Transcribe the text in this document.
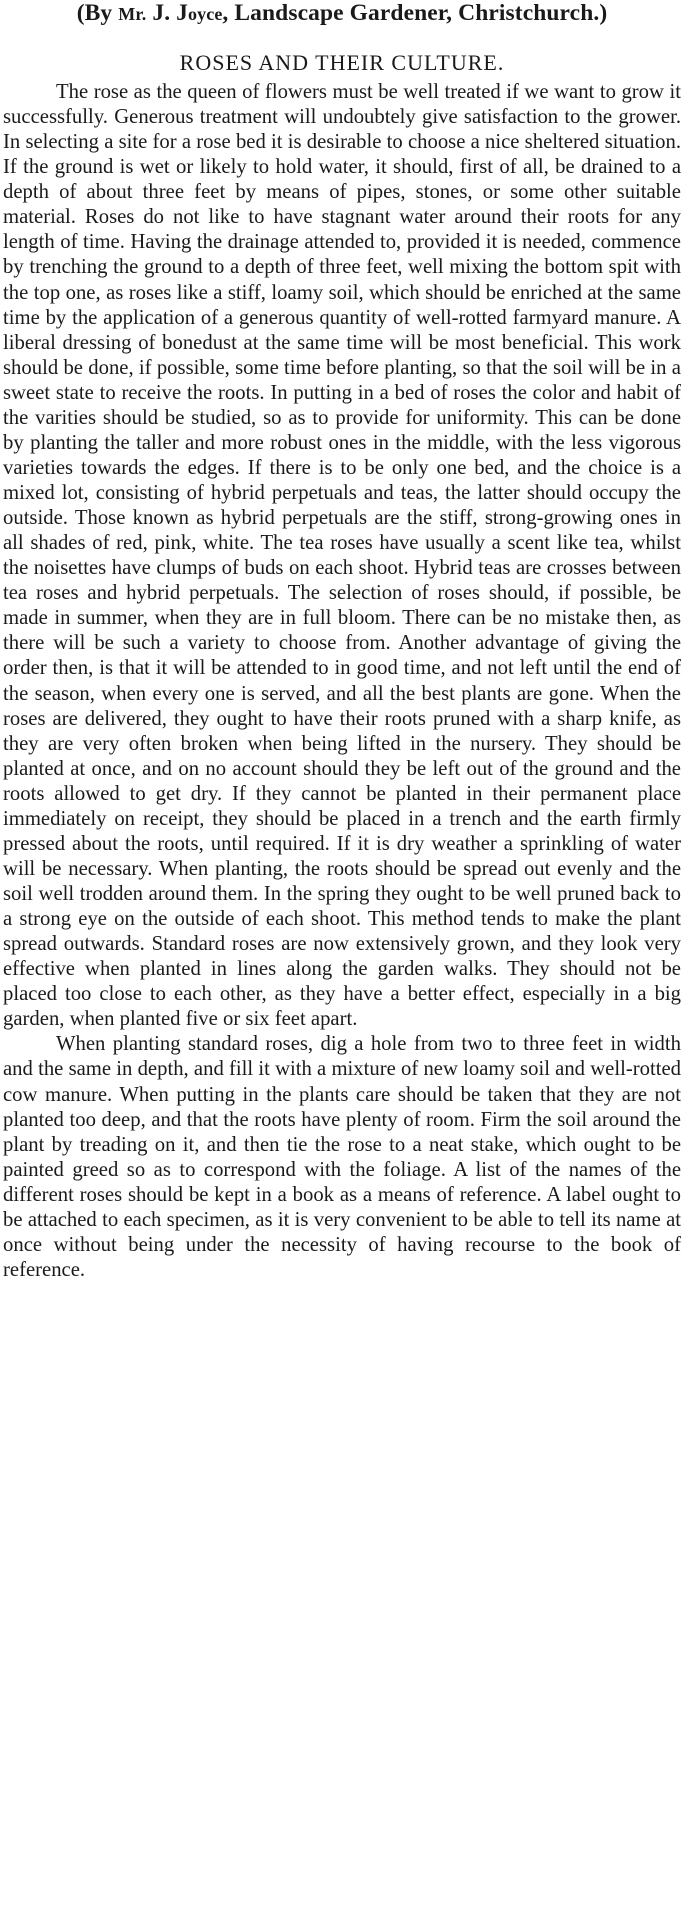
(By Mr. J. Joyce, Landscape Gardener, Christchurch.)

ROSES AND THEIR CULTURE.

The rose as the queen of flowers must be well treated if we want to grow it successfully. Generous treatment will undoubtely give satisfaction to the grower. In selecting a site for a rose bed it is desirable to choose a nice sheltered situation. If the ground is wet or likely to hold water, it should, first of all, be drained to a depth of about three feet by means of pipes, stones, or some other suitable material. Roses do not like to have stagnant water around their roots for any length of time. Having the drainage attended to, provided it is needed, commence by trenching the ground to a depth of three feet, well mixing the bottom spit with the top one, as roses like a stiff, loamy soil, which should be enriched at the same time by the application of a generous quantity of well-rotted farmyard manure. A liberal dressing of bonedust at the same time will be most beneficial. This work should be done, if possible, some time before planting, so that the soil will be in a sweet state to receive the roots. In putting in a bed of roses the color and habit of the varities should be studied, so as to provide for uniformity. This can be done by planting the taller and more robust ones in the middle, with the less vigorous varieties towards the edges. If there is to be only one bed, and the choice is a mixed lot, consisting of hybrid perpetuals and teas, the latter should occupy the outside. Those known as hybrid perpetuals are the stiff, strong-growing ones in all shades of red, pink, white. The tea roses have usually a scent like tea, whilst the noisettes have clumps of buds on each shoot. Hybrid teas are crosses between tea roses and hybrid perpetuals. The selection of roses should, if possible, be made in summer, when they are in full bloom. There can be no mistake then, as there will be such a variety to choose from. Another advantage of giving the order then, is that it will be attended to in good time, and not left until the end of the season, when every one is served, and all the best plants are gone. When the roses are delivered, they ought to have their roots pruned with a sharp knife, as they are very often broken when being lifted in the nursery. They should be planted at once, and on no account should they be left out of the ground and the roots allowed to get dry. If they cannot be planted in their permanent place immediately on receipt, they should be placed in a trench and the earth firmly pressed about the roots, until required. If it is dry weather a sprinkling of water will be necessary. When planting, the roots should be spread out evenly and the soil well trodden around them. In the spring they ought to be well pruned back to a strong eye on the outside of each shoot. This method tends to make the plant spread outwards. Standard roses are now extensively grown, and they look very effective when planted in lines along the garden walks. They should not be placed too close to each other, as they have a better effect, especially in a big garden, when planted five or six feet apart.

When planting standard roses, dig a hole from two to three feet in width and the same in depth, and fill it with a mixture of new loamy soil and well-rotted cow manure. When putting in the plants care should be taken that they are not planted too deep, and that the roots have plenty of room. Firm the soil around the plant by treading on it, and then tie the rose to a neat stake, which ought to be painted greed so as to correspond with the foliage. A list of the names of the different roses should be kept in a book as a means of reference. A label ought to be attached to each specimen, as it is very convenient to be able to tell its name at once without being under the necessity of having recourse to the book of reference.
